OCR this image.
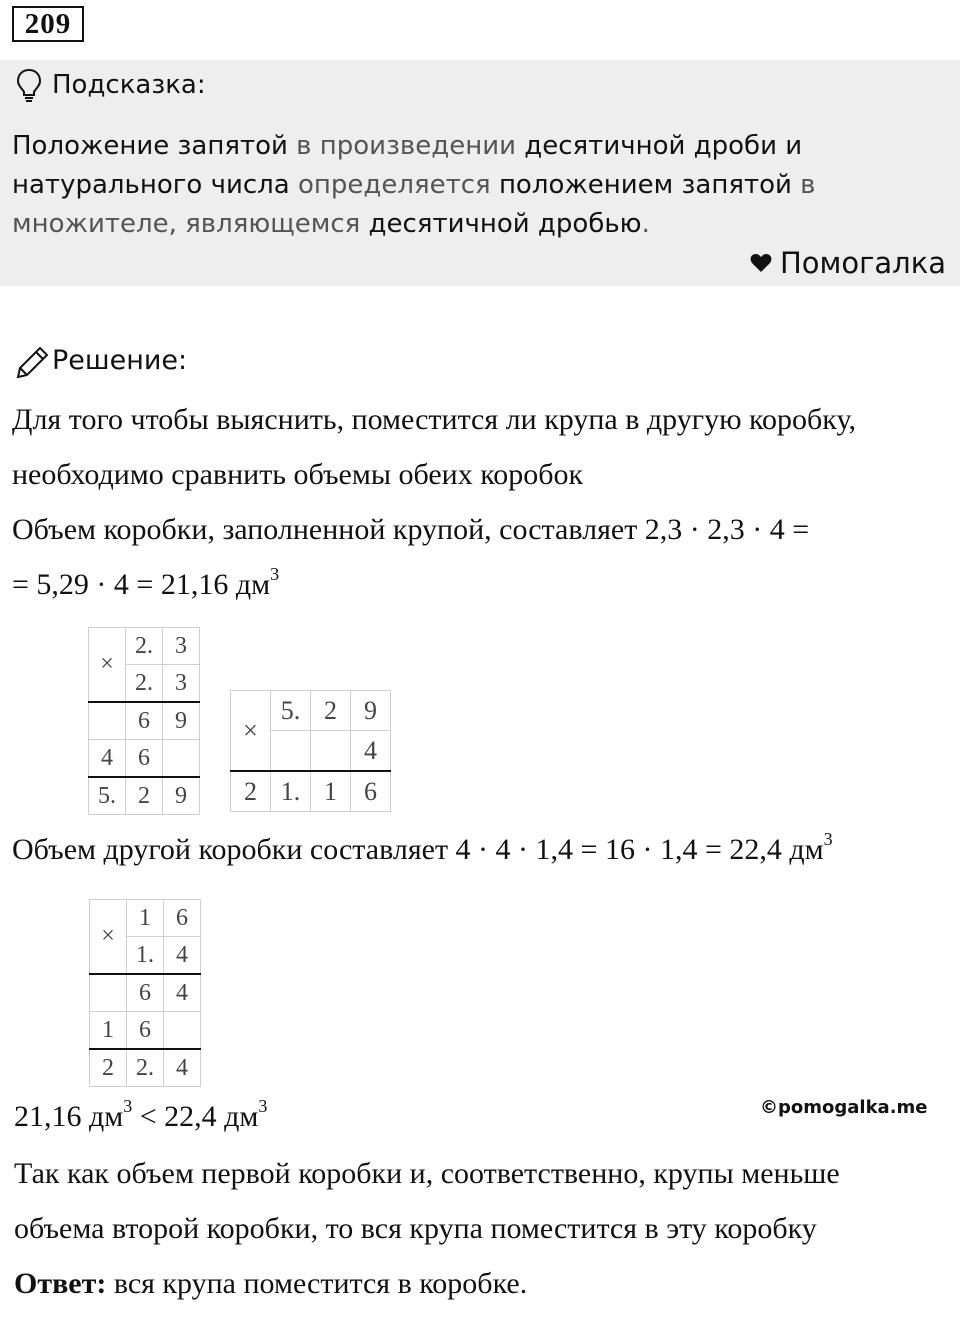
209
Подсказка:
Положение запятой в произведении десятичной дроби и натурального числа определяется положением запятой в множителе, являющемся десятичной дробью.
Помогалка
Решение:
Для того чтобы выяснить, поместится ли крупа в другую коробку,
необходимо сравнить объемы обеих коробок
Объем коробки, заполненной крупой, составляет 2,3 · 2,3 · 4 =
= 5,29 · 4 = 21,16 $дм^3$
×	2.	3
	2.	3
	6	9
4	6	
5.	2	9
×	5.	2	9
			4
2	1.	1	6
Объем другой коробки составляет 4 · 4 · 1,4 = 16 · 1,4 = 22,4 $дм^3$
×	1	6
	1.	4
	6	4
1	6	
2	2.	4
21,16 $дм^3 < 22,4$ $дм^3$	©pomogalka.me
Так как объем первой коробки и, соответственно, крупы меньше
объема второй коробки, то вся крупа поместится в эту коробку
Ответ: вся крупа поместится в коробке.
